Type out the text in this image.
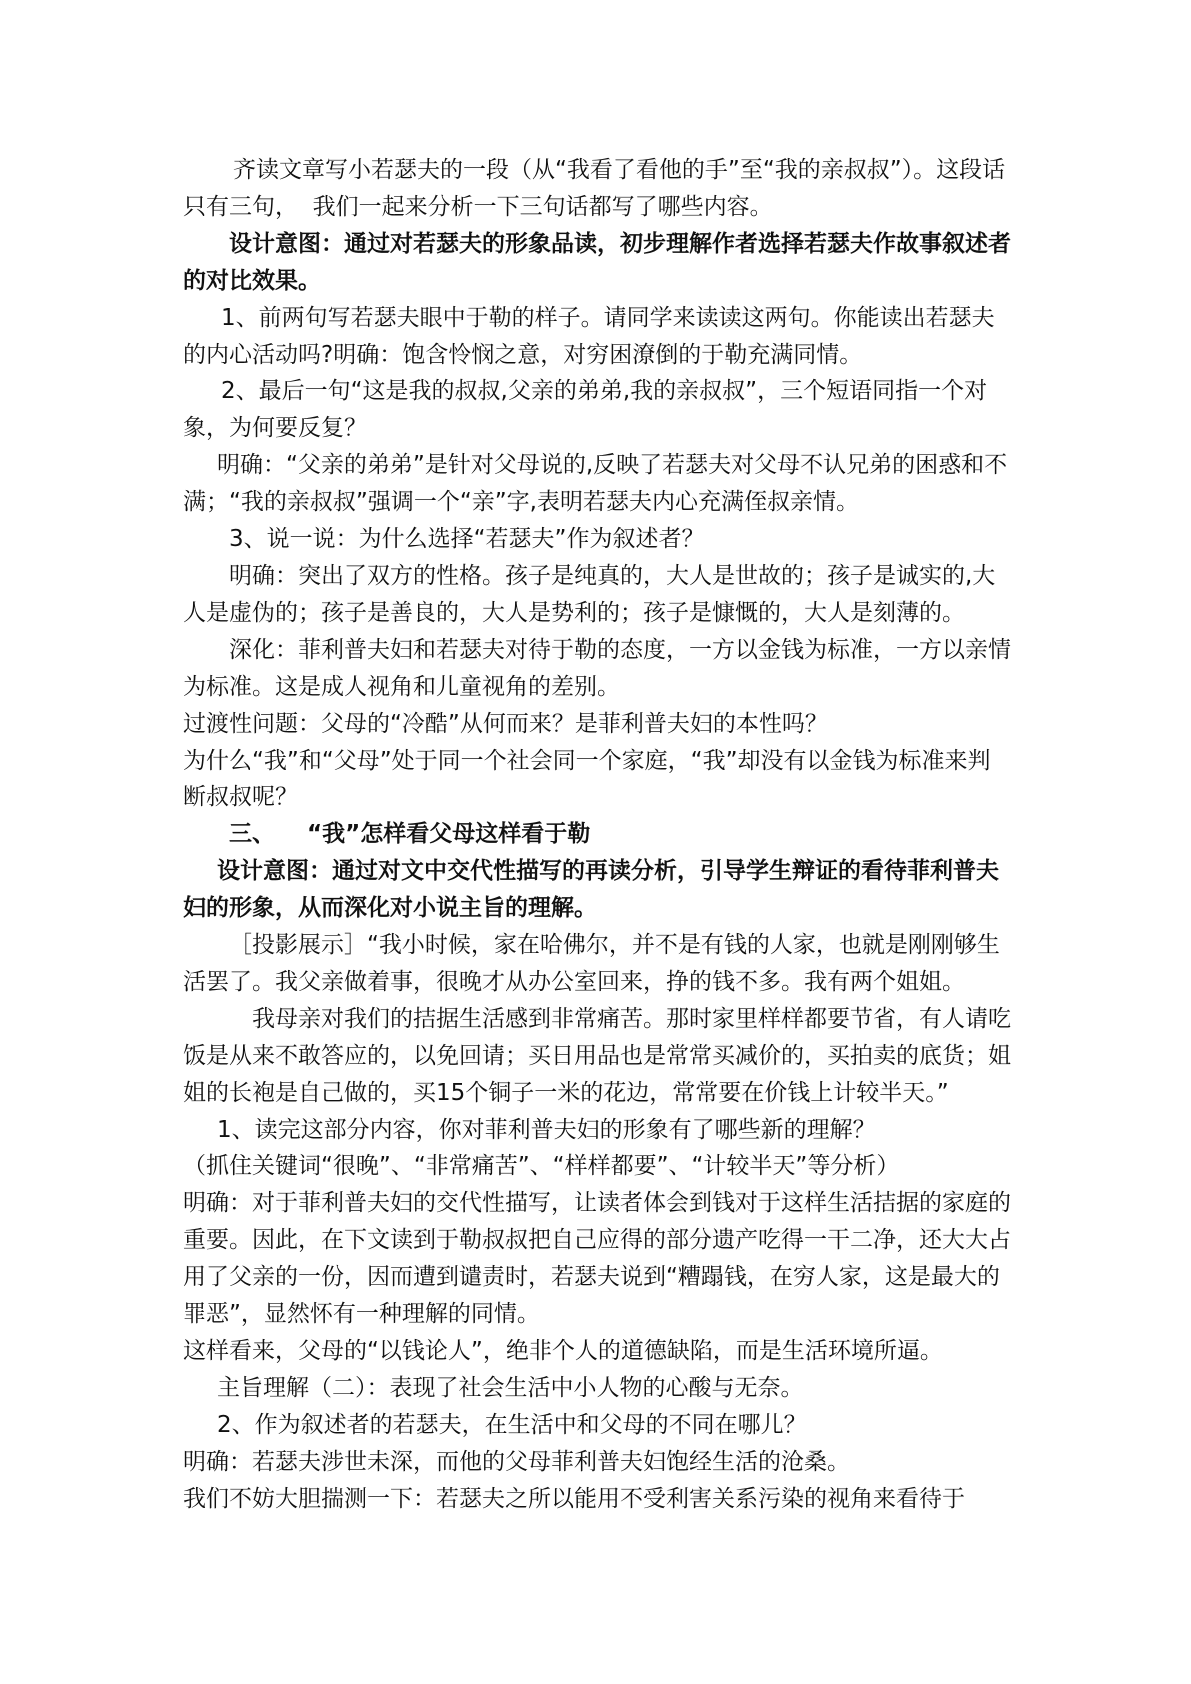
齐读文章写小若瑟夫的一段（从“我看了看他的手”至“我的亲叔叔”）。这段话只有三句，  我们一起来分析一下三句话都写了哪些内容。

设计意图：通过对若瑟夫的形象品读，初步理解作者选择若瑟夫作故事叙述者的对比效果。

1、前两句写若瑟夫眼中于勒的样子。请同学来读读这两句。你能读出若瑟夫的内心活动吗?明确：饱含怜悯之意，对穷困潦倒的于勒充满同情。

2、最后一句“这是我的叔叔,父亲的弟弟,我的亲叔叔”，三个短语同指一个对象，为何要反复？

明确：“父亲的弟弟”是针对父母说的,反映了若瑟夫对父母不认兄弟的困惑和不满；“我的亲叔叔”强调一个“亲”字,表明若瑟夫内心充满侄叔亲情。

3、说一说：为什么选择“若瑟夫”作为叙述者？

明确：突出了双方的性格。孩子是纯真的，大人是世故的；孩子是诚实的,大人是虚伪的；孩子是善良的，大人是势利的；孩子是慷慨的，大人是刻薄的。

深化：菲利普夫妇和若瑟夫对待于勒的态度，一方以金钱为标准，一方以亲情为标准。这是成人视角和儿童视角的差别。

过渡性问题：父母的“冷酷”从何而来？是菲利普夫妇的本性吗？

为什么“我”和“父母”处于同一个社会同一个家庭，“我”却没有以金钱为标准来判断叔叔呢？

三、    “我”怎样看父母这样看于勒

设计意图：通过对文中交代性描写的再读分析，引导学生辩证的看待菲利普夫妇的形象，从而深化对小说主旨的理解。

［投影展示］“我小时候，家在哈佛尔，并不是有钱的人家，也就是刚刚够生活罢了。我父亲做着事，很晚才从办公室回来，挣的钱不多。我有两个姐姐。

我母亲对我们的拮据生活感到非常痛苦。那时家里样样都要节省，有人请吃饭是从来不敢答应的，以免回请；买日用品也是常常买减价的，买拍卖的底货；姐姐的长袍是自己做的，买15个铜子一米的花边，常常要在价钱上计较半天。”

1、读完这部分内容，你对菲利普夫妇的形象有了哪些新的理解？

（抓住关键词“很晚”、“非常痛苦”、“样样都要”、“计较半天”等分析）

明确：对于菲利普夫妇的交代性描写，让读者体会到钱对于这样生活拮据的家庭的重要。因此，在下文读到于勒叔叔把自己应得的部分遗产吃得一干二净，还大大占用了父亲的一份，因而遭到谴责时，若瑟夫说到“糟蹋钱，在穷人家，这是最大的罪恶”，显然怀有一种理解的同情。

这样看来，父母的“以钱论人”，绝非个人的道德缺陷，而是生活环境所逼。

主旨理解（二）：表现了社会生活中小人物的心酸与无奈。

2、作为叙述者的若瑟夫，在生活中和父母的不同在哪儿？

明确：若瑟夫涉世未深，而他的父母菲利普夫妇饱经生活的沧桑。

我们不妨大胆揣测一下：若瑟夫之所以能用不受利害关系污染的视角来看待于
